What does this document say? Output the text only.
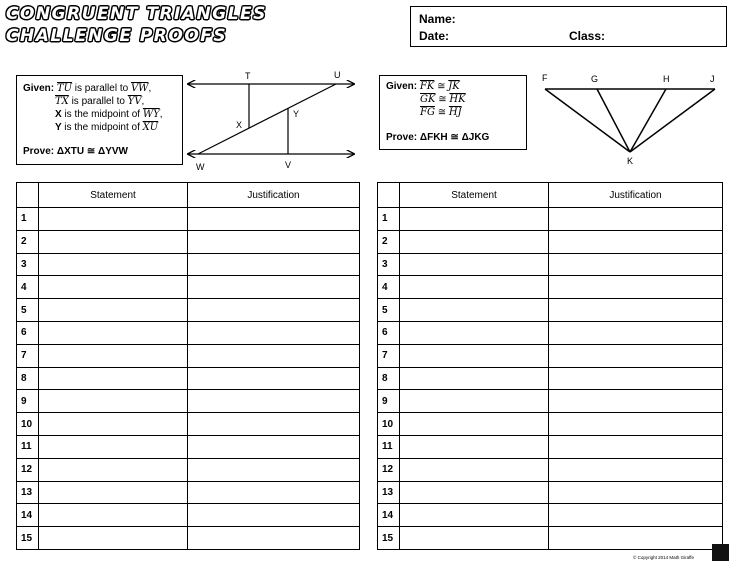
CONGRUENT TRIANGLES
CHALLENGE PROOFS
Name:
Date:	Class:
Given: $\overline{TU}$ is parallel to $\overline{VW}$,
$\overline{TX}$ is parallel to $\overline{YV}$,
X is the midpoint of $\overline{WY}$,
Y is the midpoint of $\overline{XU}$
Prove: ΔXTU ≅ ΔYVW
T	U
X
Y
W	V
Given: $\overline{FK}$ ≅ $\overline{JK}$
$\overline{GK}$ ≅ $\overline{HK}$
$\overline{FG}$ ≅ $\overline{HJ}$
Prove: ΔFKH ≅ ΔJKG
F	G	H	J
K
	Statement	Justification
1		
2		
3		
4		
5		
6		
7		
8		
9		
10		
11		
12		
13		
14		
15		
	Statement	Justification
1		
2		
3		
4		
5		
6		
7		
8		
9		
10		
11		
12		
13		
14		
15		
© Copyright 2014 Math Giraffe
